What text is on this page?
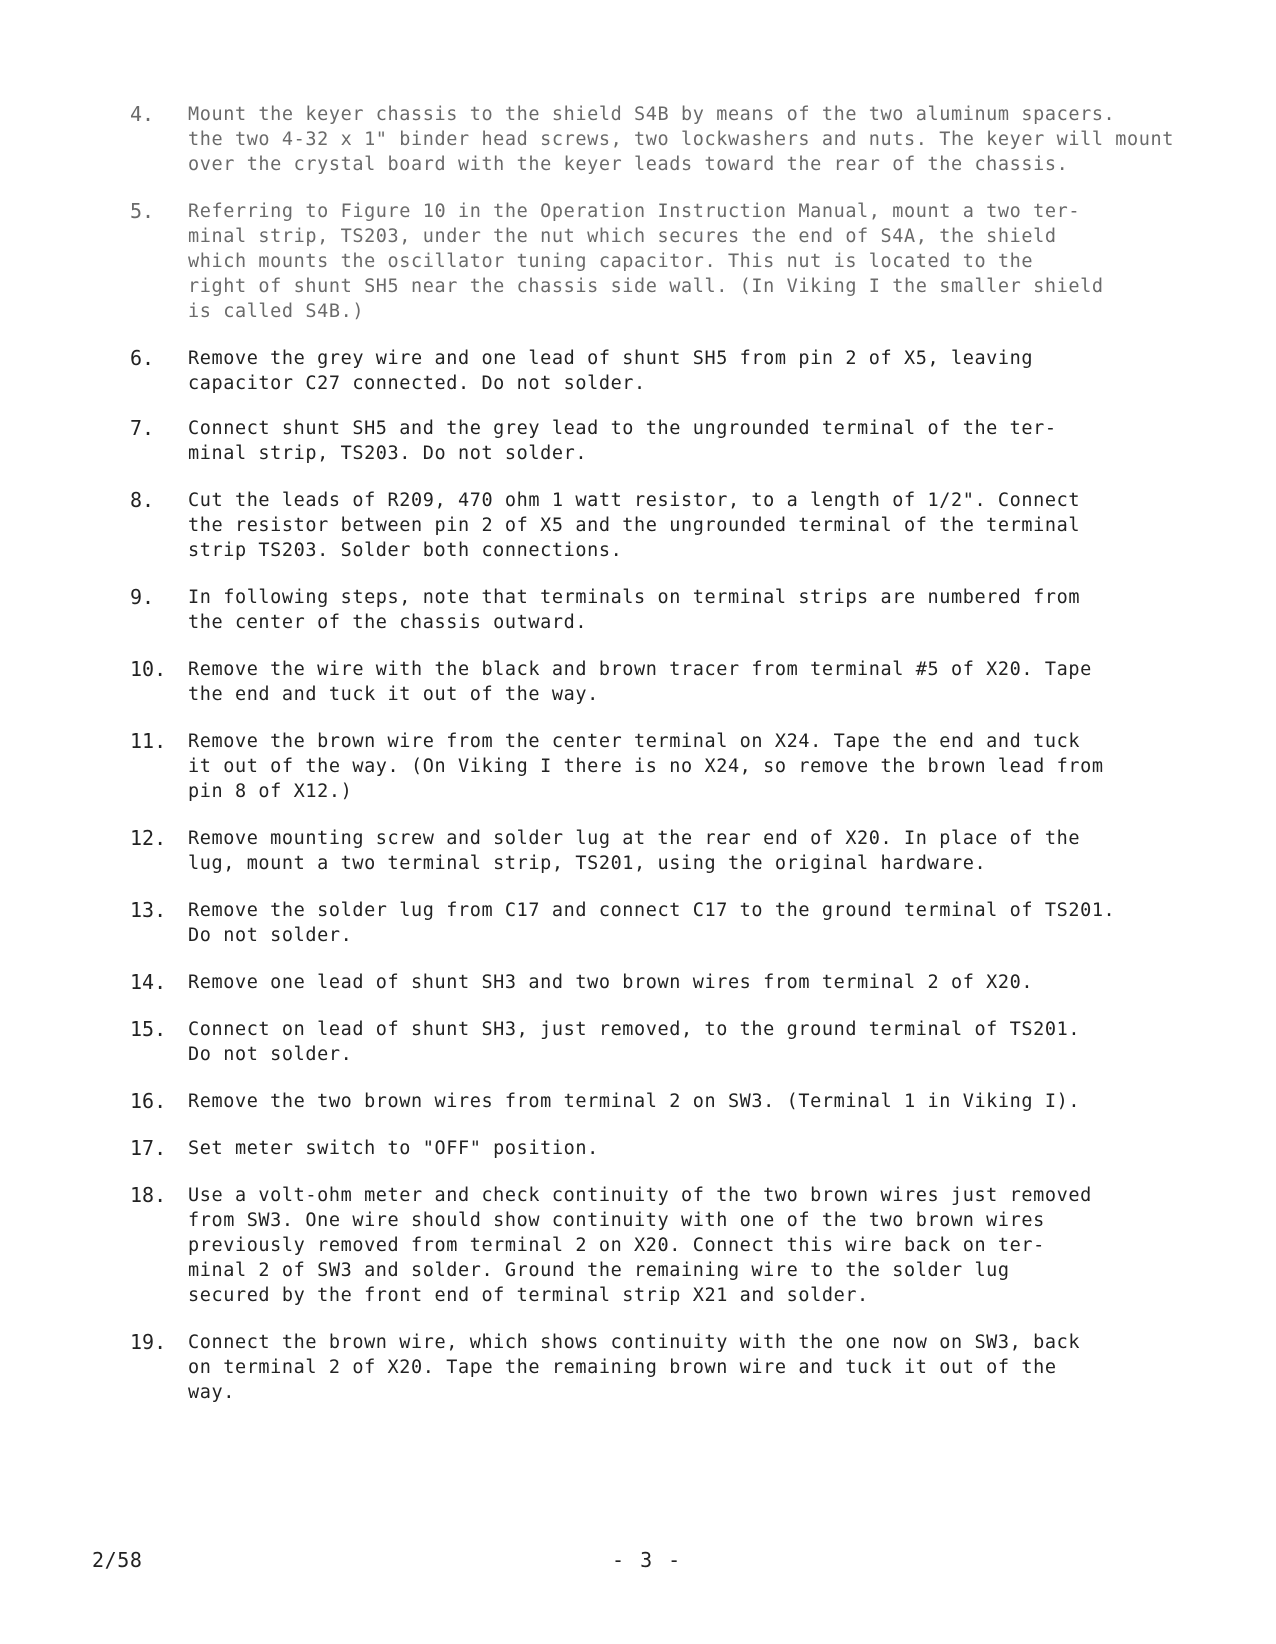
4.	Mount the keyer chassis to the shield S4B by means of the two aluminum spacers.
the two 4-32 x 1" binder head screws, two lockwashers and nuts. The keyer will mount
over the crystal board with the keyer leads toward the rear of the chassis.
5.	Referring to Figure 10 in the Operation Instruction Manual, mount a two ter-
minal strip, TS203, under the nut which secures the end of S4A, the shield
which mounts the oscillator tuning capacitor. This nut is located to the
right of shunt SH5 near the chassis side wall. (In Viking I the smaller shield
is called S4B.)
6.	Remove the grey wire and one lead of shunt SH5 from pin 2 of X5, leaving
capacitor C27 connected. Do not solder.
7.	Connect shunt SH5 and the grey lead to the ungrounded terminal of the ter-
minal strip, TS203. Do not solder.
8.	Cut the leads of R209, 470 ohm 1 watt resistor, to a length of 1/2". Connect
the resistor between pin 2 of X5 and the ungrounded terminal of the terminal
strip TS203. Solder both connections.
9.	In following steps, note that terminals on terminal strips are numbered from
the center of the chassis outward.
10.	Remove the wire with the black and brown tracer from terminal #5 of X20. Tape
the end and tuck it out of the way.
11.	Remove the brown wire from the center terminal on X24. Tape the end and tuck
it out of the way. (On Viking I there is no X24, so remove the brown lead from
pin 8 of X12.)
12.	Remove mounting screw and solder lug at the rear end of X20. In place of the
lug, mount a two terminal strip, TS201, using the original hardware.
13.	Remove the solder lug from C17 and connect C17 to the ground terminal of TS201.
Do not solder.
14.	Remove one lead of shunt SH3 and two brown wires from terminal 2 of X20.
15.	Connect on lead of shunt SH3, just removed, to the ground terminal of TS201.
Do not solder.
16.	Remove the two brown wires from terminal 2 on SW3. (Terminal 1 in Viking I).
17.	Set meter switch to "OFF" position.
18.	Use a volt-ohm meter and check continuity of the two brown wires just removed
from SW3. One wire should show continuity with one of the two brown wires
previously removed from terminal 2 on X20. Connect this wire back on ter-
minal 2 of SW3 and solder. Ground the remaining wire to the solder lug
secured by the front end of terminal strip X21 and solder.
19.	Connect the brown wire, which shows continuity with the one now on SW3, back
on terminal 2 of X20. Tape the remaining brown wire and tuck it out of the
way.
2/58	- 3 -
